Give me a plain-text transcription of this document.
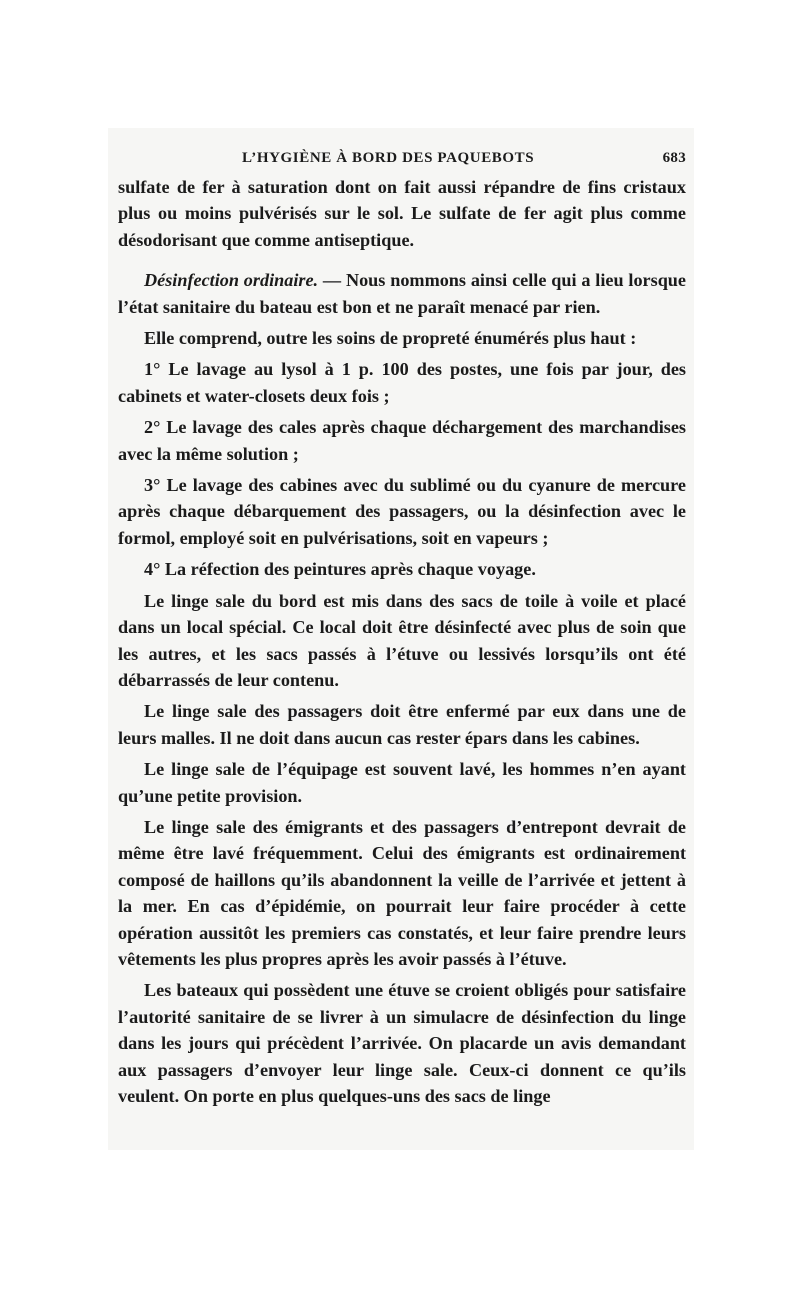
L’HYGIÈNE À BORD DES PAQUEBOTS	683

sulfate de fer à saturation dont on fait aussi répandre de fins cristaux plus ou moins pulvérisés sur le sol. Le sulfate de fer agit plus comme désodorisant que comme antiseptique.

Désinfection ordinaire. — Nous nommons ainsi celle qui a lieu lorsque l’état sanitaire du bateau est bon et ne paraît menacé par rien.

Elle comprend, outre les soins de propreté énumérés plus haut :

1° Le lavage au lysol à 1 p. 100 des postes, une fois par jour, des cabinets et water-closets deux fois ;

2° Le lavage des cales après chaque déchargement des marchandises avec la même solution ;

3° Le lavage des cabines avec du sublimé ou du cyanure de mercure après chaque débarquement des passagers, ou la désinfection avec le formol, employé soit en pulvérisations, soit en vapeurs ;

4° La réfection des peintures après chaque voyage.

Le linge sale du bord est mis dans des sacs de toile à voile et placé dans un local spécial. Ce local doit être désinfecté avec plus de soin que les autres, et les sacs passés à l’étuve ou lessivés lorsqu’ils ont été débarrassés de leur contenu.

Le linge sale des passagers doit être enfermé par eux dans une de leurs malles. Il ne doit dans aucun cas rester épars dans les cabines.

Le linge sale de l’équipage est souvent lavé, les hommes n’en ayant qu’une petite provision.

Le linge sale des émigrants et des passagers d’entrepont devrait de même être lavé fréquemment. Celui des émigrants est ordinairement composé de haillons qu’ils abandonnent la veille de l’arrivée et jettent à la mer. En cas d’épidémie, on pourrait leur faire procéder à cette opération aussitôt les premiers cas constatés, et leur faire prendre leurs vêtements les plus propres après les avoir passés à l’étuve.

Les bateaux qui possèdent une étuve se croient obligés pour satisfaire l’autorité sanitaire de se livrer à un simulacre de désinfection du linge dans les jours qui précèdent l’arrivée. On placarde un avis demandant aux passagers d’envoyer leur linge sale. Ceux-ci donnent ce qu’ils veulent. On porte en plus quelques-uns des sacs de linge
